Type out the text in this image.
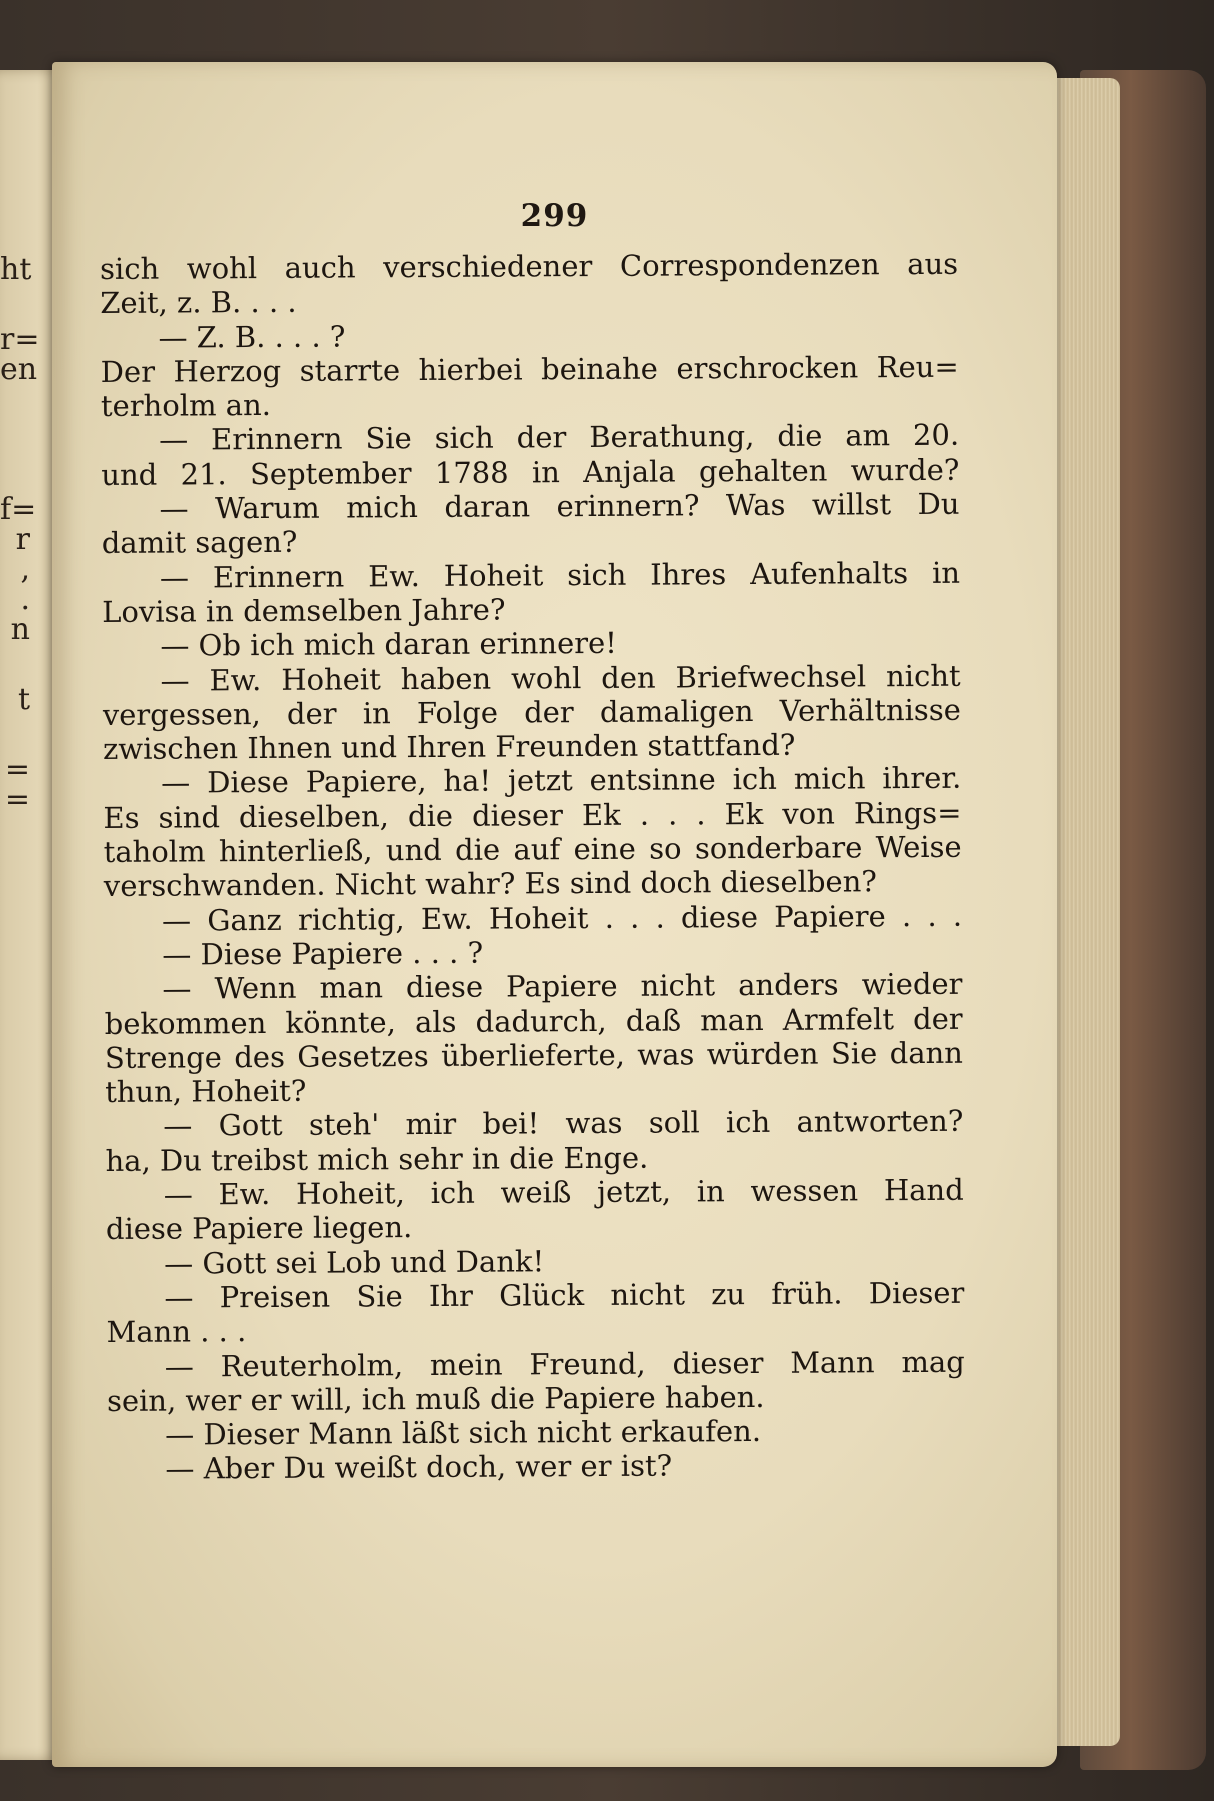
ht
r=
en
f=
r
,
.
n
t
=
=
299
sich wohl auch verschiedener Correspondenzen aus
Zeit, z. B. . . .
— Z. B. . . . ?
Der Herzog starrte hierbei beinahe erschrocken Reu=
terholm an.
— Erinnern Sie sich der Berathung, die am 20.
und 21. September 1788 in Anjala gehalten wurde?
— Warum mich daran erinnern? Was willst Du
damit sagen?
— Erinnern Ew. Hoheit sich Ihres Aufenhalts in
Lovisa in demselben Jahre?
— Ob ich mich daran erinnere!
— Ew. Hoheit haben wohl den Briefwechsel nicht
vergessen, der in Folge der damaligen Verhältnisse
zwischen Ihnen und Ihren Freunden stattfand?
— Diese Papiere, ha! jetzt entsinne ich mich ihrer.
Es sind dieselben, die dieser Ek . . . Ek von Rings=
taholm hinterließ, und die auf eine so sonderbare Weise
verschwanden. Nicht wahr? Es sind doch dieselben?
— Ganz richtig, Ew. Hoheit . . . diese Papiere . . .
— Diese Papiere . . . ?
— Wenn man diese Papiere nicht anders wieder
bekommen könnte, als dadurch, daß man Armfelt der
Strenge des Gesetzes überlieferte, was würden Sie dann
thun, Hoheit?
— Gott steh' mir bei! was soll ich antworten?
ha, Du treibst mich sehr in die Enge.
— Ew. Hoheit, ich weiß jetzt, in wessen Hand
diese Papiere liegen.
— Gott sei Lob und Dank!
— Preisen Sie Ihr Glück nicht zu früh. Dieser
Mann . . .
— Reuterholm, mein Freund, dieser Mann mag
sein, wer er will, ich muß die Papiere haben.
— Dieser Mann läßt sich nicht erkaufen.
— Aber Du weißt doch, wer er ist?
